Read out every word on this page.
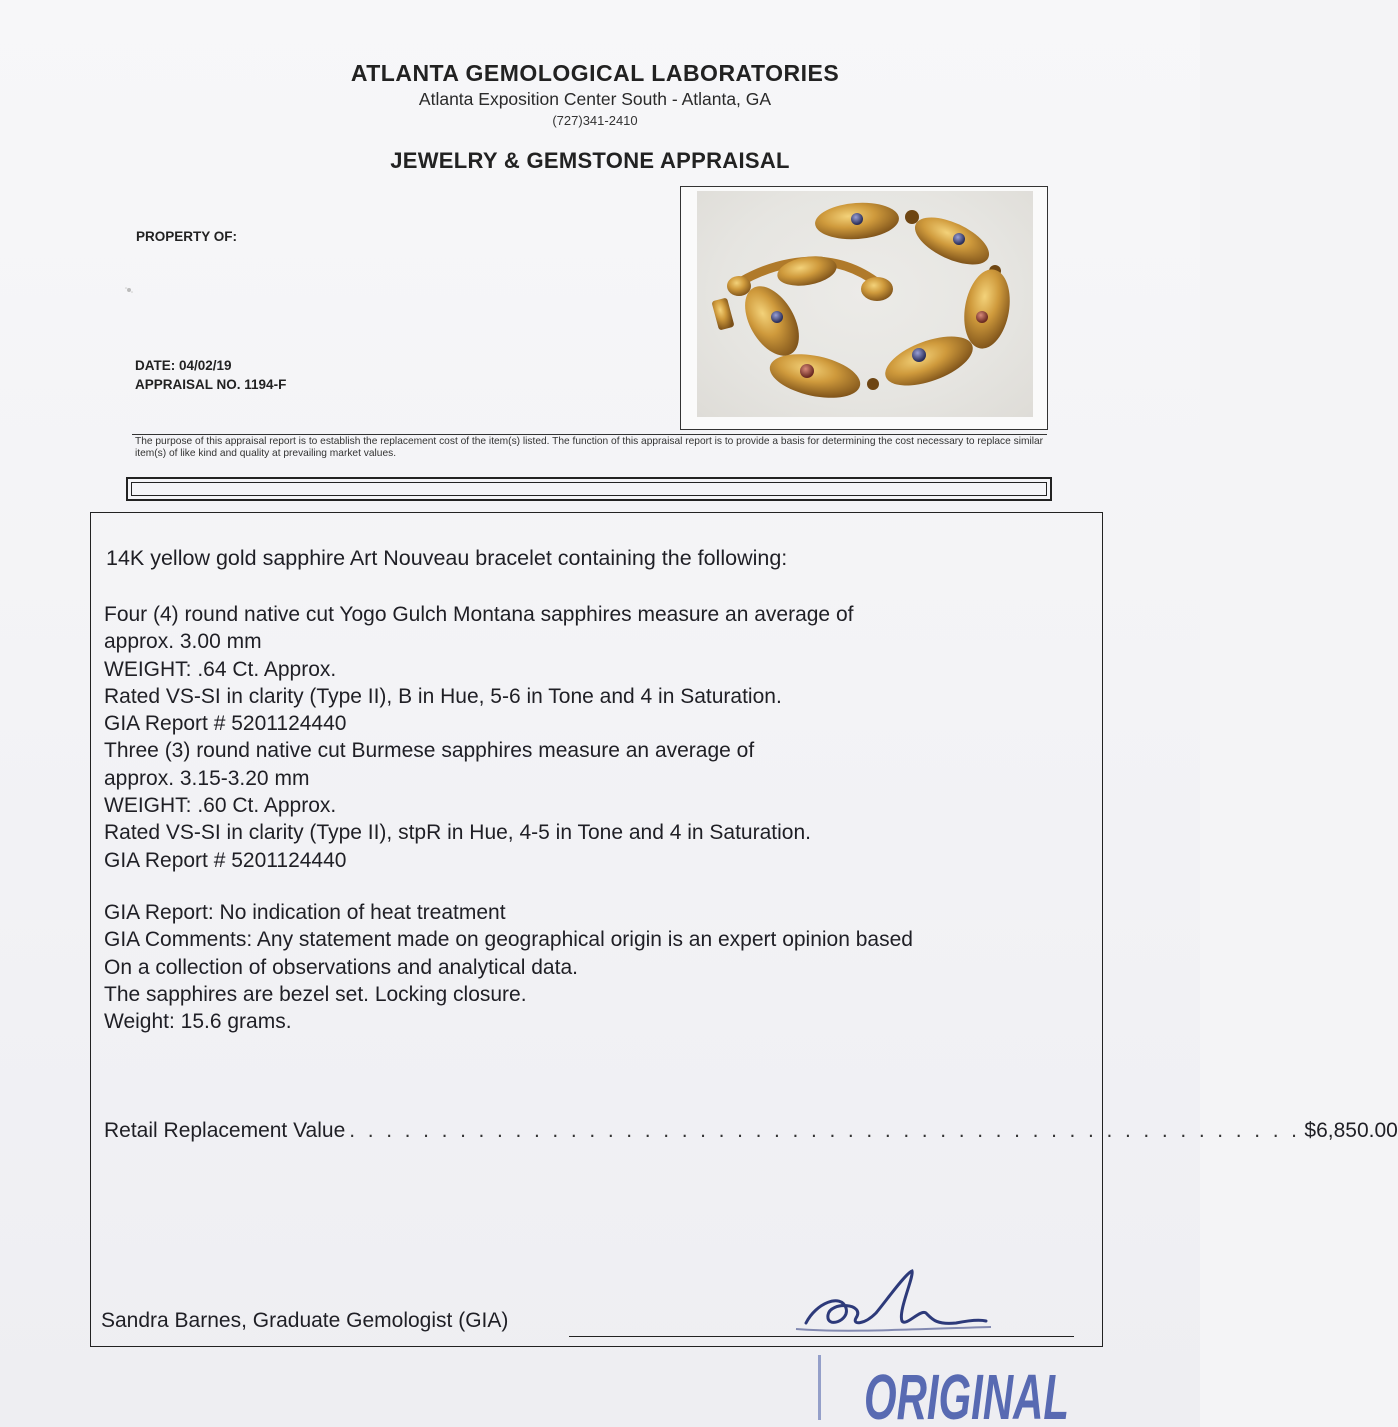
ATLANTA GEMOLOGICAL LABORATORIES
Atlanta Exposition Center South - Atlanta, GA
(727)341-2410
JEWELRY & GEMSTONE APPRAISAL
PROPERTY OF:
DATE: 04/02/19
APPRAISAL NO. 1194-F
The purpose of this appraisal report is to establish the replacement cost of the item(s) listed. The function of this appraisal report is to provide a basis for determining the cost necessary to replace similar item(s) of like kind and quality at prevailing market values.
14K yellow gold sapphire Art Nouveau bracelet containing the following:
Four (4) round native cut Yogo Gulch Montana sapphires measure an average of
approx. 3.00 mm
WEIGHT: .64 Ct. Approx.
Rated VS-SI in clarity (Type II), B in Hue, 5-6 in Tone and 4 in Saturation.
GIA Report # 5201124440
Three (3) round native cut Burmese sapphires measure an average of
approx. 3.15-3.20 mm
WEIGHT: .60 Ct. Approx.
Rated VS-SI in clarity (Type II), stpR in Hue, 4-5 in Tone and 4 in Saturation.
GIA Report # 5201124440
GIA Report: No indication of heat treatment
GIA Comments: Any statement made on geographical origin is an expert opinion based
On a collection of observations and analytical data.
The sapphires are bezel set. Locking closure.
Weight: 15.6 grams.
Retail Replacement Value . . . . . . . . . . . . . . . . . . . . . . . . . . . . . . . . . . . . . . . . . . . . . . . . . . . . $6,850.00
Sandra Barnes, Graduate Gemologist (GIA)
ORIGINAL
